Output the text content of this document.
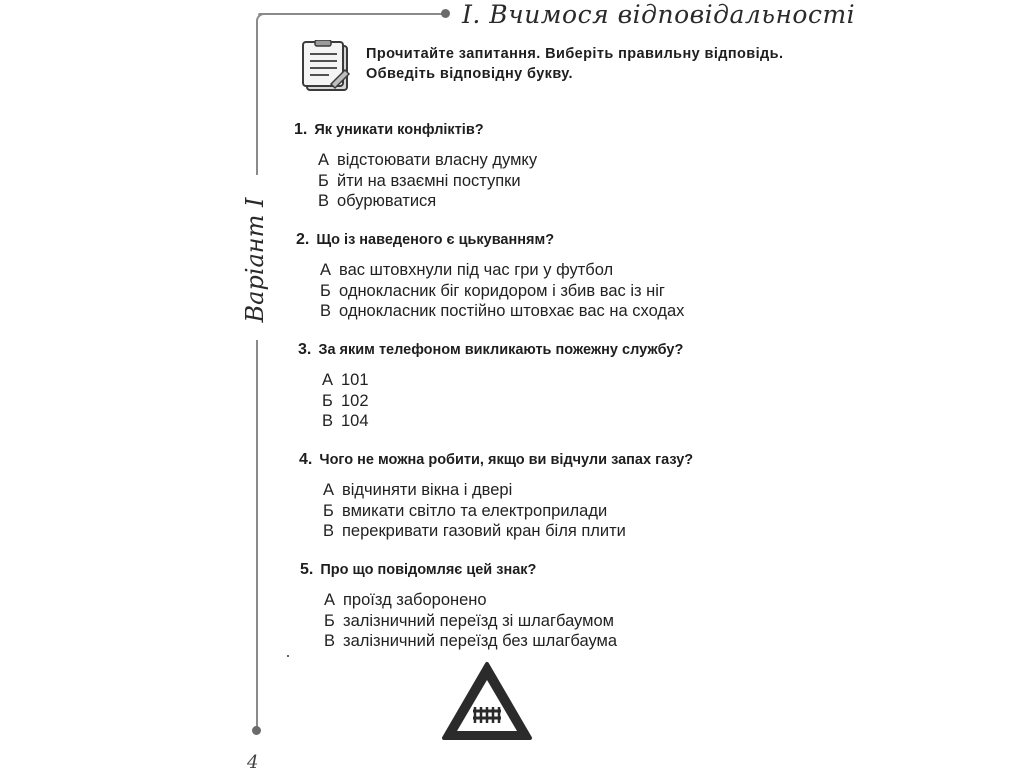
І. Вчимося відповідальності
Варіант I
4
Прочитайте запитання. Виберіть правильну відповідь. Обведіть відповідну букву.
1. Як уникати конфліктів?
А відстоювати власну думку
Б йти на взаємні поступки
В обурюватися
2. Що із наведеного є цькуванням?
А вас штовхнули під час гри у футбол
Б однокласник біг коридором і збив вас із ніг
В однокласник постійно штовхає вас на сходах
3. За яким телефоном викликають пожежну службу?
А 101
Б 102
В 104
4. Чого не можна робити, якщо ви відчули запах газу?
А відчиняти вікна і двері
Б вмикати світло та електроприлади
В перекривати газовий кран біля плити
5. Про що повідомляє цей знак?
А проїзд заборонено
Б залізничний переїзд зі шлагбаумом
В залізничний переїзд без шлагбаума
